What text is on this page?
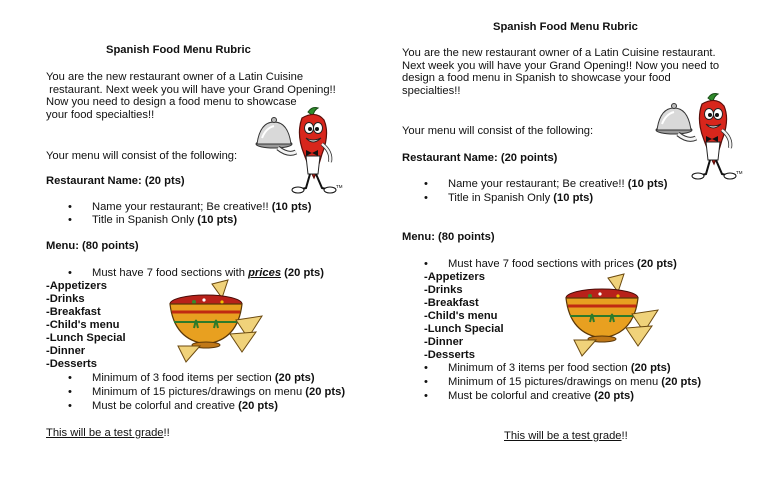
Spanish Food Menu Rubric
You are the new restaurant owner of a Latin Cuisine
restaurant. Next week you will have your Grand Opening!!
Now you need to design a food menu to showcase
your food specialties!!
Your menu will consist of the following:
Restaurant Name: (20 pts)
• Name your restaurant; Be creative!! (10 pts)
• Title in Spanish Only (10 pts)
Menu: (80 points)
• Must have 7 food sections with prices (20 pts)
-Appetizers
-Drinks
-Breakfast
-Child's menu
-Lunch Special
-Dinner
-Desserts
• Minimum of 3 food items per section (20 pts)
• Minimum of 15 pictures/drawings on menu (20 pts)
• Must be colorful and creative (20 pts)
This will be a test grade!!
TM
Spanish Food Menu Rubric
You are the new restaurant owner of a Latin Cuisine restaurant.
Next week you will have your Grand Opening!! Now you need to
design a food menu in Spanish to showcase your food
specialties!!
Your menu will consist of the following:
Restaurant Name: (20 points)
• Name your restaurant; Be creative!! (10 pts)
• Title in Spanish Only (10 pts)
Menu: (80 points)
• Must have 7 food sections with prices (20 pts)
-Appetizers
-Drinks
-Breakfast
-Child's menu
-Lunch Special
-Dinner
-Desserts
• Minimum of 3 items per food section (20 pts)
• Minimum of 15 pictures/drawings on menu (20 pts)
• Must be colorful and creative (20 pts)
This will be a test grade!!
TM
